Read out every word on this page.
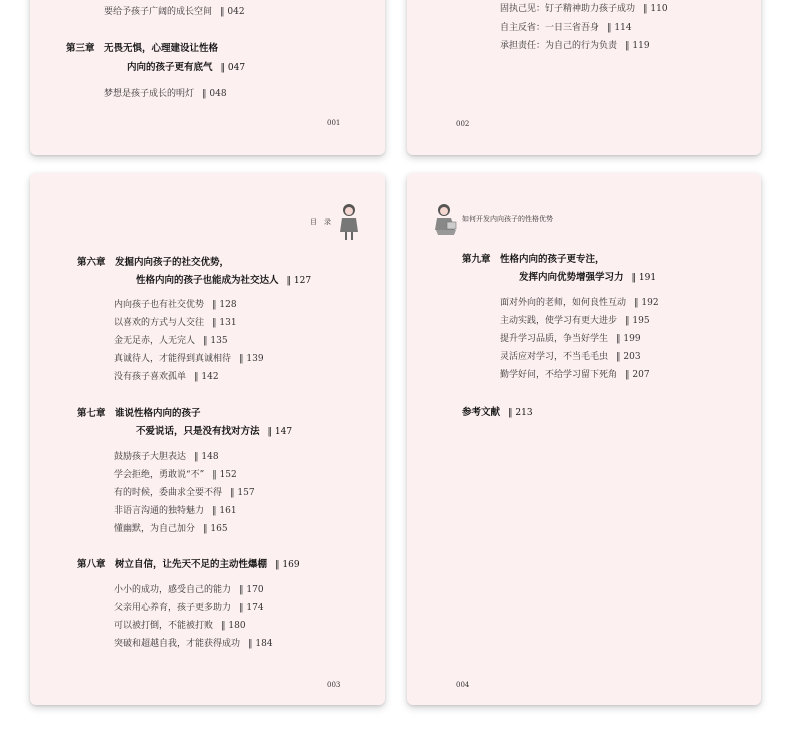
要给予孩子广阔的成长空间 ‖ 042
第三章　 无畏无惧，心理建设让性格
内向的孩子更有底气 ‖ 047
梦想是孩子成长的明灯 ‖ 048
001
固执己见：钉子精神助力孩子成功 ‖ 110
自主反省：一日三省吾身 ‖ 114
承担责任：为自己的行为负责 ‖ 119
002
目　录
第六章　 发掘内向孩子的社交优势，
性格内向的孩子也能成为社交达人 ‖ 127
内向孩子也有社交优势 ‖ 128
以喜欢的方式与人交往 ‖ 131
金无足赤，人无完人 ‖ 135
真诚待人，才能得到真诚相待 ‖ 139
没有孩子喜欢孤单 ‖ 142
第七章　 谁说性格内向的孩子
不爱说话，只是没有找对方法 ‖ 147
鼓励孩子大胆表达 ‖ 148
学会拒绝，勇敢说“不” ‖ 152
有的时候，委曲求全要不得 ‖ 157
非语言沟通的独特魅力 ‖ 161
懂幽默，为自己加分 ‖ 165
第八章　 树立自信，让先天不足的主动性爆棚 ‖ 169
小小的成功，感受自己的能力 ‖ 170
父亲用心养育，孩子更多助力 ‖ 174
可以被打倒，不能被打败 ‖ 180
突破和超越自我，才能获得成功 ‖ 184
003
如何开发内向孩子的性格优势
第九章　 性格内向的孩子更专注，
发挥内向优势增强学习力 ‖ 191
面对外向的老师，如何良性互动 ‖ 192
主动实践，使学习有更大进步 ‖ 195
提升学习品质，争当好学生 ‖ 199
灵活应对学习，不当毛毛虫 ‖ 203
勤学好问，不给学习留下死角 ‖ 207
参考文献 ‖ 213
004
